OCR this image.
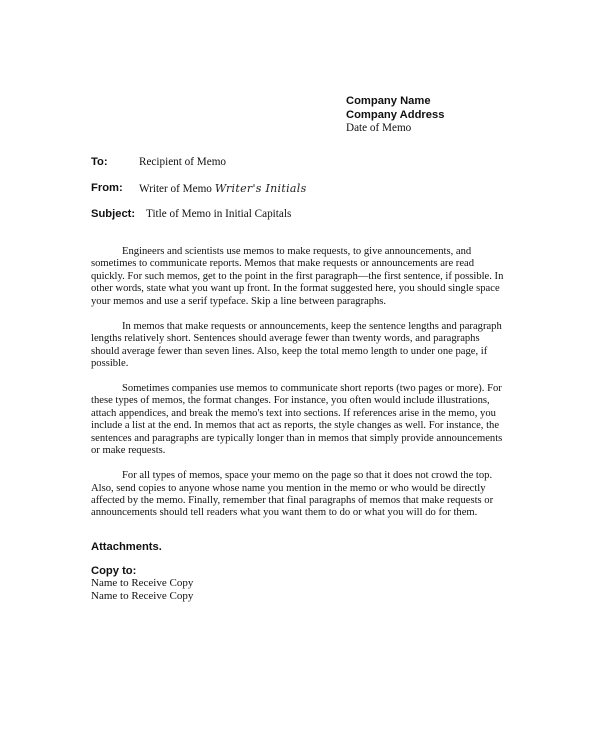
Company Name
Company Address
Date of Memo
To:	Recipient of Memo
From: Writer of Memo Writer's Initials
Subject: Title of Memo in Initial Capitals

Engineers and scientists use memos to make requests, to give announcements, and sometimes to communicate reports. Memos that make requests or announcements are read quickly. For such memos, get to the point in the first paragraph—the first sentence, if possible. In other words, state what you want up front. In the format suggested here, you should single space your memos and use a serif typeface. Skip a line between paragraphs.

In memos that make requests or announcements, keep the sentence lengths and paragraph lengths relatively short. Sentences should average fewer than twenty words, and paragraphs should average fewer than seven lines. Also, keep the total memo length to under one page, if possible.

Sometimes companies use memos to communicate short reports (two pages or more). For these types of memos, the format changes. For instance, you often would include illustrations, attach appendices, and break the memo's text into sections. If references arise in the memo, you include a list at the end. In memos that act as reports, the style changes as well. For instance, the sentences and paragraphs are typically longer than in memos that simply provide announcements or make requests.

For all types of memos, space your memo on the page so that it does not crowd the top. Also, send copies to anyone whose name you mention in the memo or who would be directly affected by the memo. Finally, remember that final paragraphs of memos that make requests or announcements should tell readers what you want them to do or what you will do for them.

Attachments.
Copy to:
Name to Receive Copy
Name to Receive Copy
